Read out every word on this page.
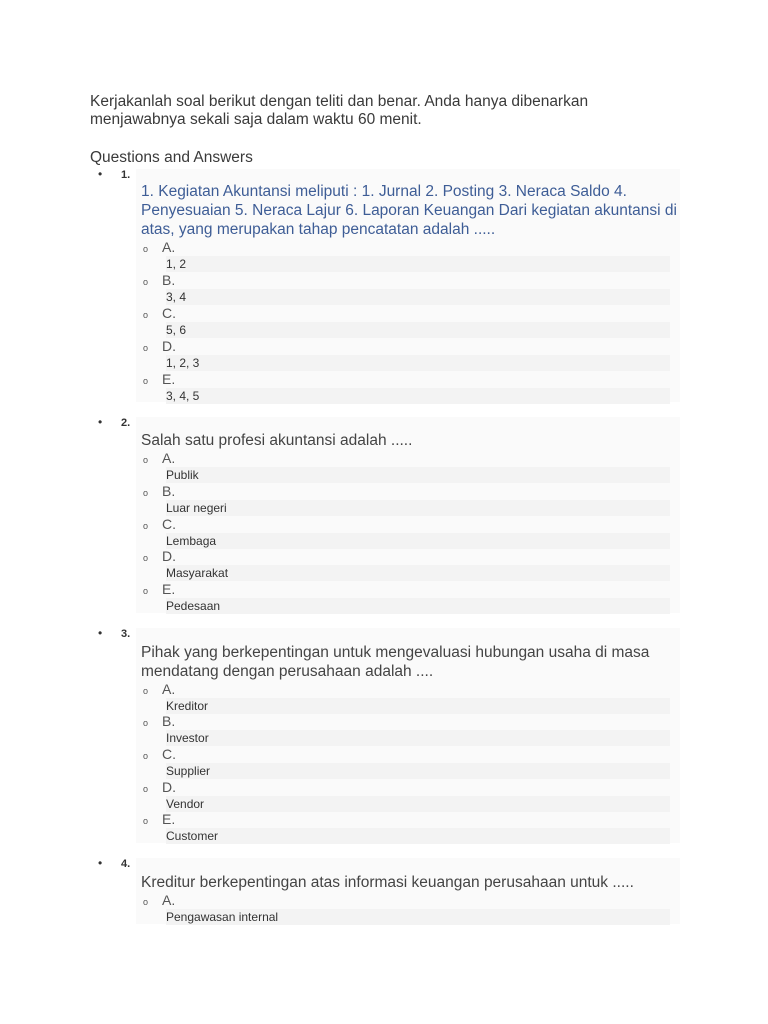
Kerjakanlah soal berikut dengan teliti dan benar. Anda hanya dibenarkan menjawabnya sekali saja dalam waktu 60 menit.
Questions and Answers
• 1.
1. Kegiatan Akuntansi meliputi : 1. Jurnal 2. Posting 3. Neraca Saldo 4. Penyesuaian 5. Neraca Lajur 6. Laporan Keuangan Dari kegiatan akuntansi di atas, yang merupakan tahap pencatatan adalah .....
o A.
1, 2
o B.
3, 4
o C.
5, 6
o D.
1, 2, 3
o E.
3, 4, 5
• 2.
Salah satu profesi akuntansi adalah .....
o A.
Publik
o B.
Luar negeri
o C.
Lembaga
o D.
Masyarakat
o E.
Pedesaan
• 3.
Pihak yang berkepentingan untuk mengevaluasi hubungan usaha di masa mendatang dengan perusahaan adalah ....
o A.
Kreditor
o B.
Investor
o C.
Supplier
o D.
Vendor
o E.
Customer
• 4.
Kreditur berkepentingan atas informasi keuangan perusahaan untuk .....
o A.
Pengawasan internal
